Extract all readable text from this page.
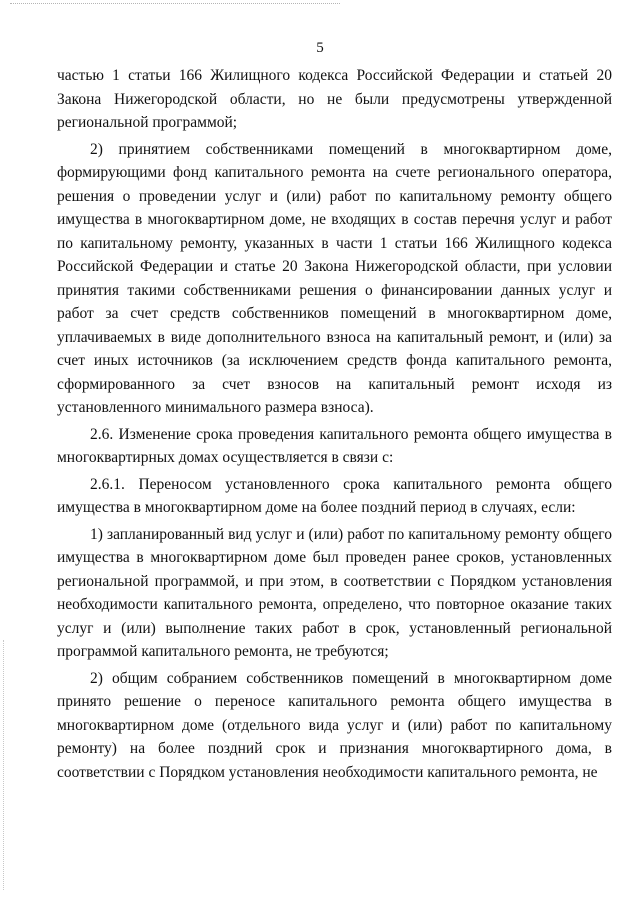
5

частью 1 статьи 166 Жилищного кодекса Российской Федерации и статьей 20 Закона Нижегородской области, но не были предусмотрены утвержденной региональной программой;

2) принятием собственниками помещений в многоквартирном доме, формирующими фонд капитального ремонта на счете регионального оператора, решения о проведении услуг и (или) работ по капитальному ремонту общего имущества в многоквартирном доме, не входящих в состав перечня услуг и работ по капитальному ремонту, указанных в части 1 статьи 166 Жилищного кодекса Российской Федерации и статье 20 Закона Нижегородской области, при условии принятия такими собственниками решения о финансировании данных услуг и работ за счет средств собственников помещений в многоквартирном доме, уплачиваемых в виде дополнительного взноса на капитальный ремонт, и (или) за счет иных источников (за исключением средств фонда капитального ремонта, сформированного за счет взносов на капитальный ремонт исходя из установленного минимального размера взноса).

2.6. Изменение срока проведения капитального ремонта общего имущества в многоквартирных домах осуществляется в связи с:

2.6.1. Переносом установленного срока капитального ремонта общего имущества в многоквартирном доме на более поздний период в случаях, если:

1) запланированный вид услуг и (или) работ по капитальному ремонту общего имущества в многоквартирном доме был проведен ранее сроков, установленных региональной программой, и при этом, в соответствии с Порядком установления необходимости капитального ремонта, определено, что повторное оказание таких услуг и (или) выполнение таких работ в срок, установленный региональной программой капитального ремонта, не требуются;

2) общим собранием собственников помещений в многоквартирном доме принято решение о переносе капитального ремонта общего имущества в многоквартирном доме (отдельного вида услуг и (или) работ по капитальному ремонту) на более поздний срок и признания многоквартирного дома, в соответствии с Порядком установления необходимости капитального ремонта, не
